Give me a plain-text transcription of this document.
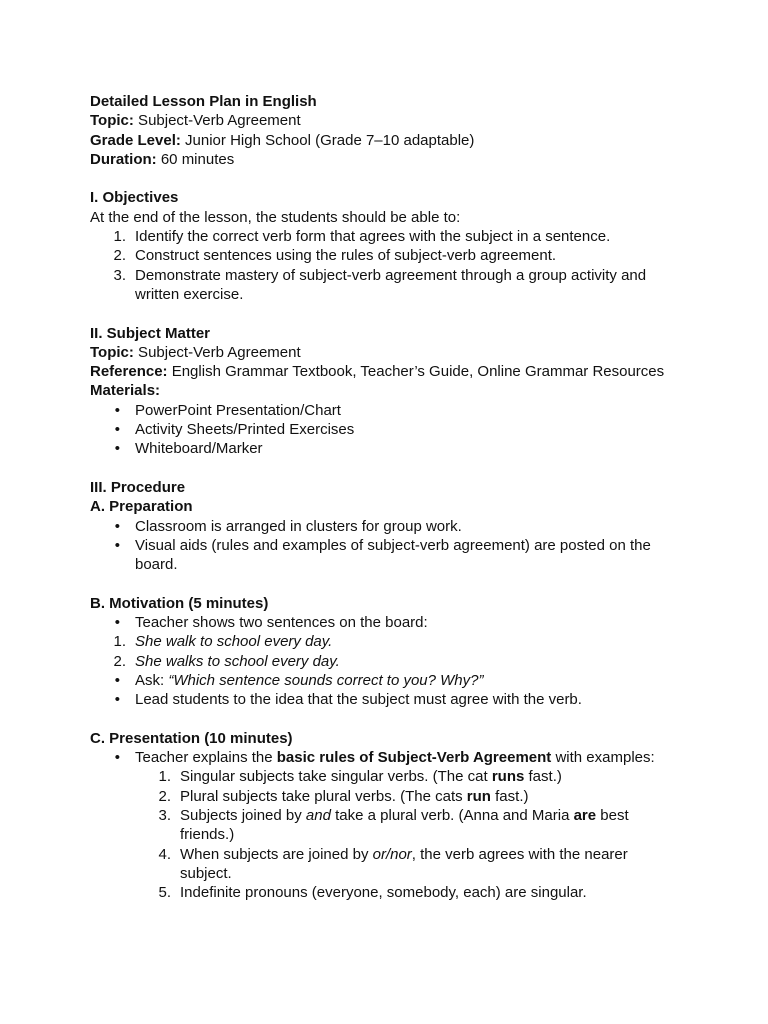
Detailed Lesson Plan in English
Topic: Subject-Verb Agreement
Grade Level: Junior High School (Grade 7–10 adaptable)
Duration: 60 minutes
I. Objectives
At the end of the lesson, the students should be able to:
1. Identify the correct verb form that agrees with the subject in a sentence.
2. Construct sentences using the rules of subject-verb agreement.
3. Demonstrate mastery of subject-verb agreement through a group activity and
written exercise.
II. Subject Matter
Topic: Subject-Verb Agreement
Reference: English Grammar Textbook, Teacher’s Guide, Online Grammar Resources
Materials:
• PowerPoint Presentation/Chart
• Activity Sheets/Printed Exercises
• Whiteboard/Marker
III. Procedure
A. Preparation
• Classroom is arranged in clusters for group work.
• Visual aids (rules and examples of subject-verb agreement) are posted on the
board.
B. Motivation (5 minutes)
• Teacher shows two sentences on the board:
1. She walk to school every day.
2. She walks to school every day.
• Ask: “Which sentence sounds correct to you? Why?”
• Lead students to the idea that the subject must agree with the verb.
C. Presentation (10 minutes)
• Teacher explains the basic rules of Subject-Verb Agreement with examples:
1. Singular subjects take singular verbs. (The cat runs fast.)
2. Plural subjects take plural verbs. (The cats run fast.)
3. Subjects joined by and take a plural verb. (Anna and Maria are best
friends.)
4. When subjects are joined by or/nor, the verb agrees with the nearer
subject.
5. Indefinite pronouns (everyone, somebody, each) are singular.
